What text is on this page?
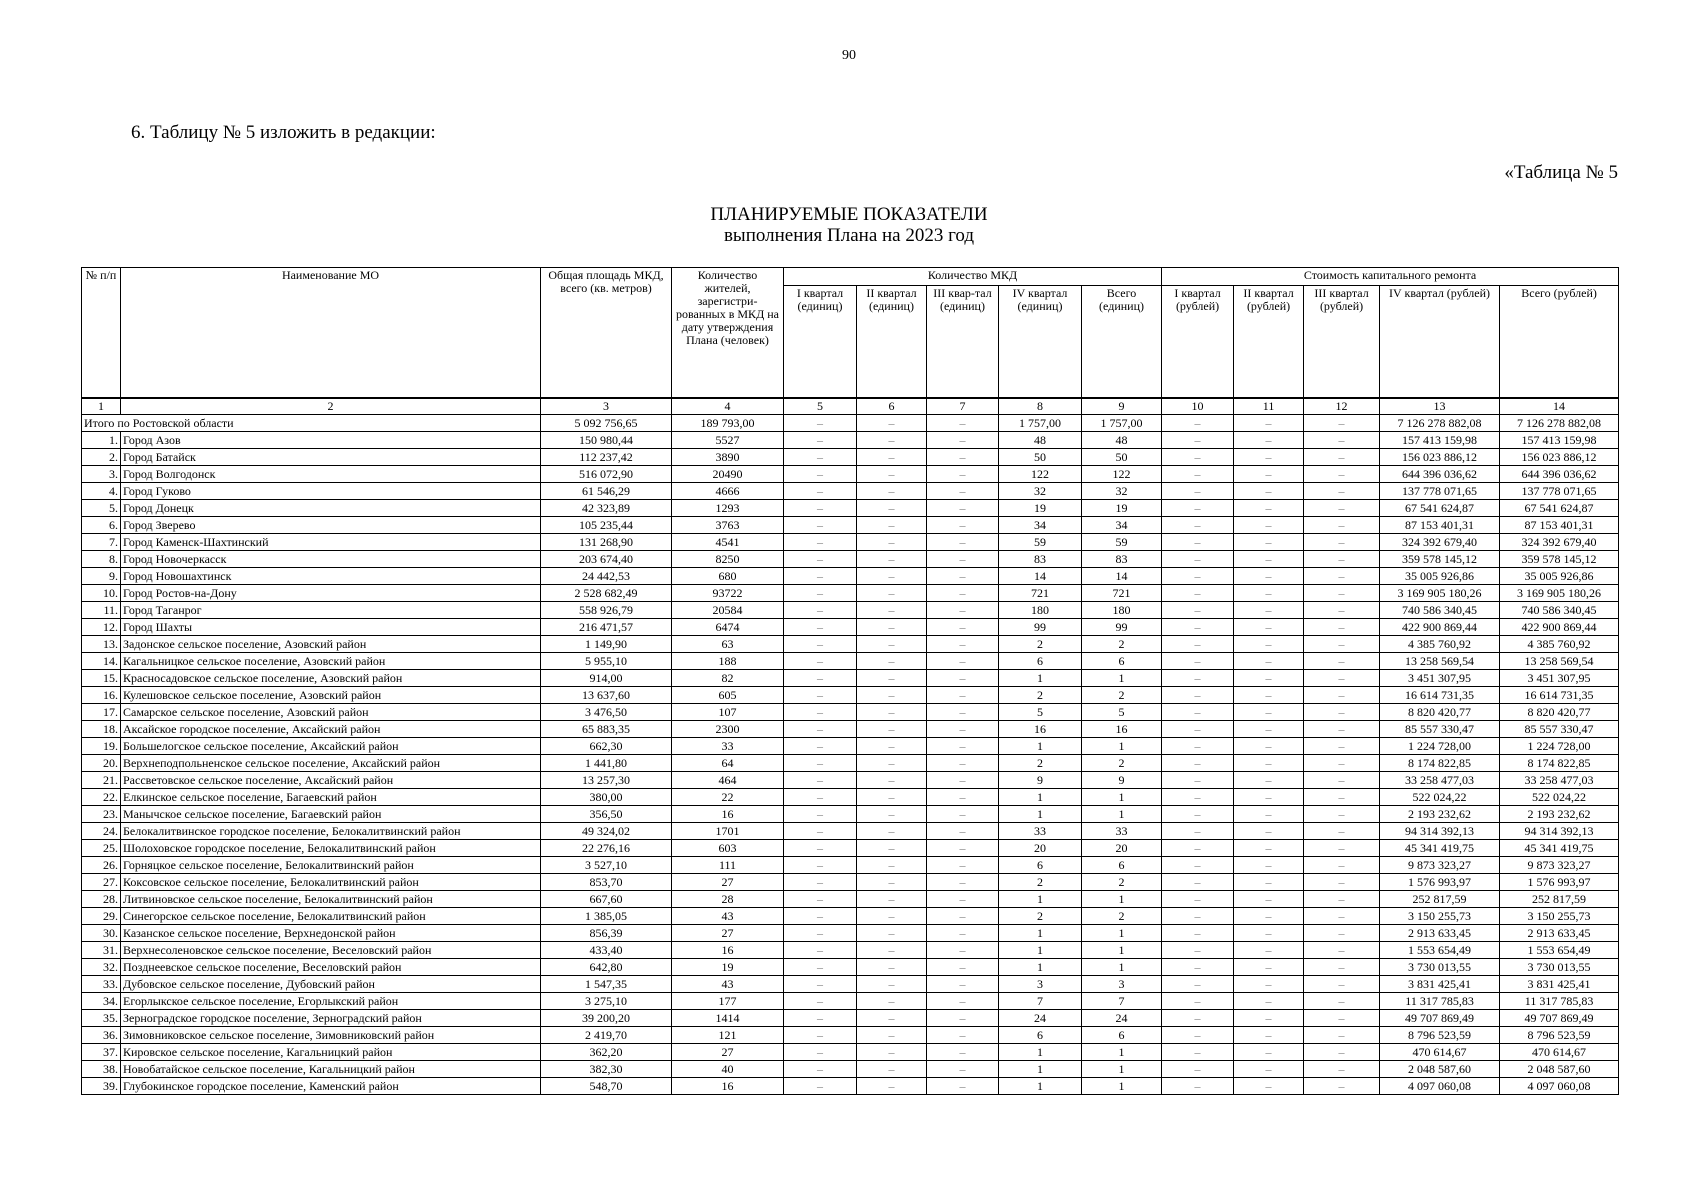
90
6. Таблицу № 5 изложить в редакции:
«Таблица № 5
ПЛАНИРУЕМЫЕ ПОКАЗАТЕЛИ
выполнения Плана на 2023 год
№ п/п	Наименование МО	Общая площадь МКД, всего (кв. метров)	Количество жителей, зарегистри-рованных в МКД на дату утверждения Плана (человек)	Количество МКД					Стоимость капитального ремонта				
				I квартал (единиц)	II квартал (единиц)	III квар-тал (единиц)	IV квартал (единиц)	Всего (единиц)	I квартал (рублей)	II квартал (рублей)	III квартал (рублей)	IV квартал (рублей)	Всего (рублей)
1	2	3	4	5	6	7	8	9	10	11	12	13	14
Итого по Ростовской области		5 092 756,65	189 793,00	–	–	–	1 757,00	1 757,00	–	–	–	7 126 278 882,08	7 126 278 882,08
1.	Город Азов	150 980,44	5527	–	–	–	48	48	–	–	–	157 413 159,98	157 413 159,98
2.	Город Батайск	112 237,42	3890	–	–	–	50	50	–	–	–	156 023 886,12	156 023 886,12
3.	Город Волгодонск	516 072,90	20490	–	–	–	122	122	–	–	–	644 396 036,62	644 396 036,62
4.	Город Гуково	61 546,29	4666	–	–	–	32	32	–	–	–	137 778 071,65	137 778 071,65
5.	Город Донецк	42 323,89	1293	–	–	–	19	19	–	–	–	67 541 624,87	67 541 624,87
6.	Город Зверево	105 235,44	3763	–	–	–	34	34	–	–	–	87 153 401,31	87 153 401,31
7.	Город Каменск-Шахтинский	131 268,90	4541	–	–	–	59	59	–	–	–	324 392 679,40	324 392 679,40
8.	Город Новочеркасск	203 674,40	8250	–	–	–	83	83	–	–	–	359 578 145,12	359 578 145,12
9.	Город Новошахтинск	24 442,53	680	–	–	–	14	14	–	–	–	35 005 926,86	35 005 926,86
10.	Город Ростов-на-Дону	2 528 682,49	93722	–	–	–	721	721	–	–	–	3 169 905 180,26	3 169 905 180,26
11.	Город Таганрог	558 926,79	20584	–	–	–	180	180	–	–	–	740 586 340,45	740 586 340,45
12.	Город Шахты	216 471,57	6474	–	–	–	99	99	–	–	–	422 900 869,44	422 900 869,44
13.	Задонское сельское поселение, Азовский район	1 149,90	63	–	–	–	2	2	–	–	–	4 385 760,92	4 385 760,92
14.	Кагальницкое сельское поселение, Азовский район	5 955,10	188	–	–	–	6	6	–	–	–	13 258 569,54	13 258 569,54
15.	Красносадовское сельское поселение, Азовский район	914,00	82	–	–	–	1	1	–	–	–	3 451 307,95	3 451 307,95
16.	Кулешовское сельское поселение, Азовский район	13 637,60	605	–	–	–	2	2	–	–	–	16 614 731,35	16 614 731,35
17.	Самарское сельское поселение, Азовский район	3 476,50	107	–	–	–	5	5	–	–	–	8 820 420,77	8 820 420,77
18.	Аксайское городское поселение, Аксайский район	65 883,35	2300	–	–	–	16	16	–	–	–	85 557 330,47	85 557 330,47
19.	Большелогское сельское поселение, Аксайский район	662,30	33	–	–	–	1	1	–	–	–	1 224 728,00	1 224 728,00
20.	Верхнеподпольненское сельское поселение, Аксайский район	1 441,80	64	–	–	–	2	2	–	–	–	8 174 822,85	8 174 822,85
21.	Рассветовское сельское поселение, Аксайский район	13 257,30	464	–	–	–	9	9	–	–	–	33 258 477,03	33 258 477,03
22.	Елкинское сельское поселение, Багаевский район	380,00	22	–	–	–	1	1	–	–	–	522 024,22	522 024,22
23.	Манычское сельское поселение, Багаевский район	356,50	16	–	–	–	1	1	–	–	–	2 193 232,62	2 193 232,62
24.	Белокалитвинское городское поселение, Белокалитвинский район	49 324,02	1701	–	–	–	33	33	–	–	–	94 314 392,13	94 314 392,13
25.	Шолоховское городское поселение, Белокалитвинский район	22 276,16	603	–	–	–	20	20	–	–	–	45 341 419,75	45 341 419,75
26.	Горняцкое сельское поселение, Белокалитвинский район	3 527,10	111	–	–	–	6	6	–	–	–	9 873 323,27	9 873 323,27
27.	Коксовское сельское поселение, Белокалитвинский район	853,70	27	–	–	–	2	2	–	–	–	1 576 993,97	1 576 993,97
28.	Литвиновское сельское поселение, Белокалитвинский район	667,60	28	–	–	–	1	1	–	–	–	252 817,59	252 817,59
29.	Синегорское сельское поселение, Белокалитвинский район	1 385,05	43	–	–	–	2	2	–	–	–	3 150 255,73	3 150 255,73
30.	Казанское сельское поселение, Верхнедонской район	856,39	27	–	–	–	1	1	–	–	–	2 913 633,45	2 913 633,45
31.	Верхнесоленовское сельское поселение, Веселовский район	433,40	16	–	–	–	1	1	–	–	–	1 553 654,49	1 553 654,49
32.	Позднеевское сельское поселение, Веселовский район	642,80	19	–	–	–	1	1	–	–	–	3 730 013,55	3 730 013,55
33.	Дубовское сельское поселение, Дубовский район	1 547,35	43	–	–	–	3	3	–	–	–	3 831 425,41	3 831 425,41
34.	Егорлыкское сельское поселение, Егорлыкский район	3 275,10	177	–	–	–	7	7	–	–	–	11 317 785,83	11 317 785,83
35.	Зерноградское городское поселение, Зерноградский район	39 200,20	1414	–	–	–	24	24	–	–	–	49 707 869,49	49 707 869,49
36.	Зимовниковское сельское поселение, Зимовниковский район	2 419,70	121	–	–	–	6	6	–	–	–	8 796 523,59	8 796 523,59
37.	Кировское сельское поселение, Кагальницкий район	362,20	27	–	–	–	1	1	–	–	–	470 614,67	470 614,67
38.	Новобатайское сельское поселение, Кагальницкий район	382,30	40	–	–	–	1	1	–	–	–	2 048 587,60	2 048 587,60
39.	Глубокинское городское поселение, Каменский район	548,70	16	–	–	–	1	1	–	–	–	4 097 060,08	4 097 060,08
